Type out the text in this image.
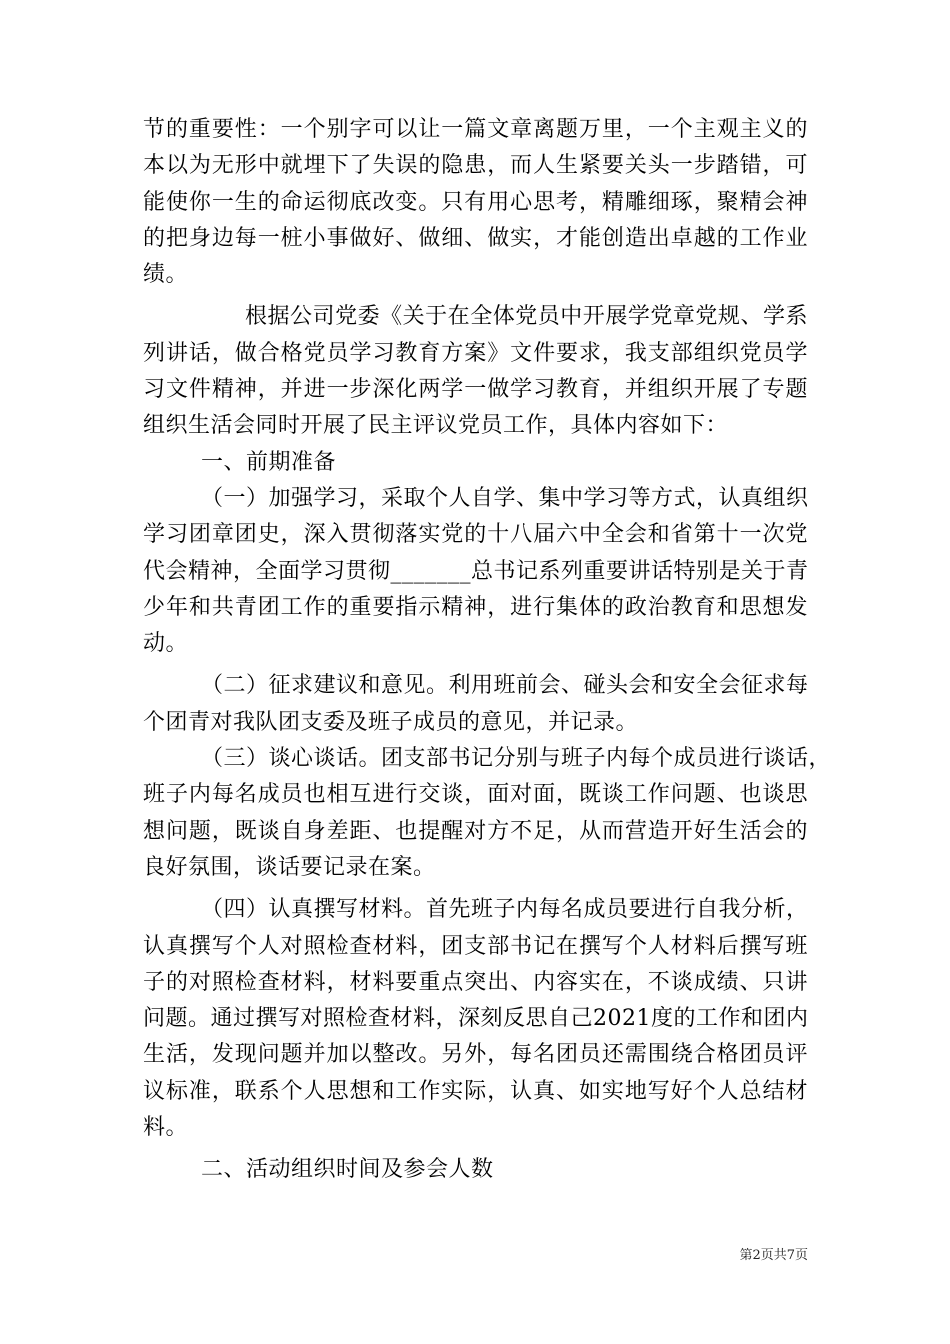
节的重要性：一个别字可以让一篇文章离题万里，一个主观主义的
本以为无形中就埋下了失误的隐患，而人生紧要关头一步踏错，可
能使你一生的命运彻底改变。只有用心思考，精雕细琢，聚精会神
的把身边每一桩小事做好、做细、做实，才能创造出卓越的工作业
绩。
根据公司党委《关于在全体党员中开展学党章党规、学系
列讲话，做合格党员学习教育方案》文件要求，我支部组织党员学
习文件精神，并进一步深化两学一做学习教育，并组织开展了专题
组织生活会同时开展了民主评议党员工作，具体内容如下：
一、前期准备
（一）加强学习，采取个人自学、集中学习等方式，认真组织
学习团章团史，深入贯彻落实党的十八届六中全会和省第十一次党
代会精神，全面学习贯彻_______总书记系列重要讲话特别是关于青
少年和共青团工作的重要指示精神，进行集体的政治教育和思想发
动。
（二）征求建议和意见。利用班前会、碰头会和安全会征求每
个团青对我队团支委及班子成员的意见，并记录。
（三）谈心谈话。团支部书记分别与班子内每个成员进行谈话，
班子内每名成员也相互进行交谈，面对面，既谈工作问题、也谈思
想问题，既谈自身差距、也提醒对方不足，从而营造开好生活会的
良好氛围，谈话要记录在案。
（四）认真撰写材料。首先班子内每名成员要进行自我分析，
认真撰写个人对照检查材料，团支部书记在撰写个人材料后撰写班
子的对照检查材料，材料要重点突出、内容实在，不谈成绩、只讲
问题。通过撰写对照检查材料，深刻反思自己2021度的工作和团内
生活，发现问题并加以整改。另外，每名团员还需围绕合格团员评
议标准，联系个人思想和工作实际，认真、如实地写好个人总结材
料。
二、活动组织时间及参会人数
第2页共7页
